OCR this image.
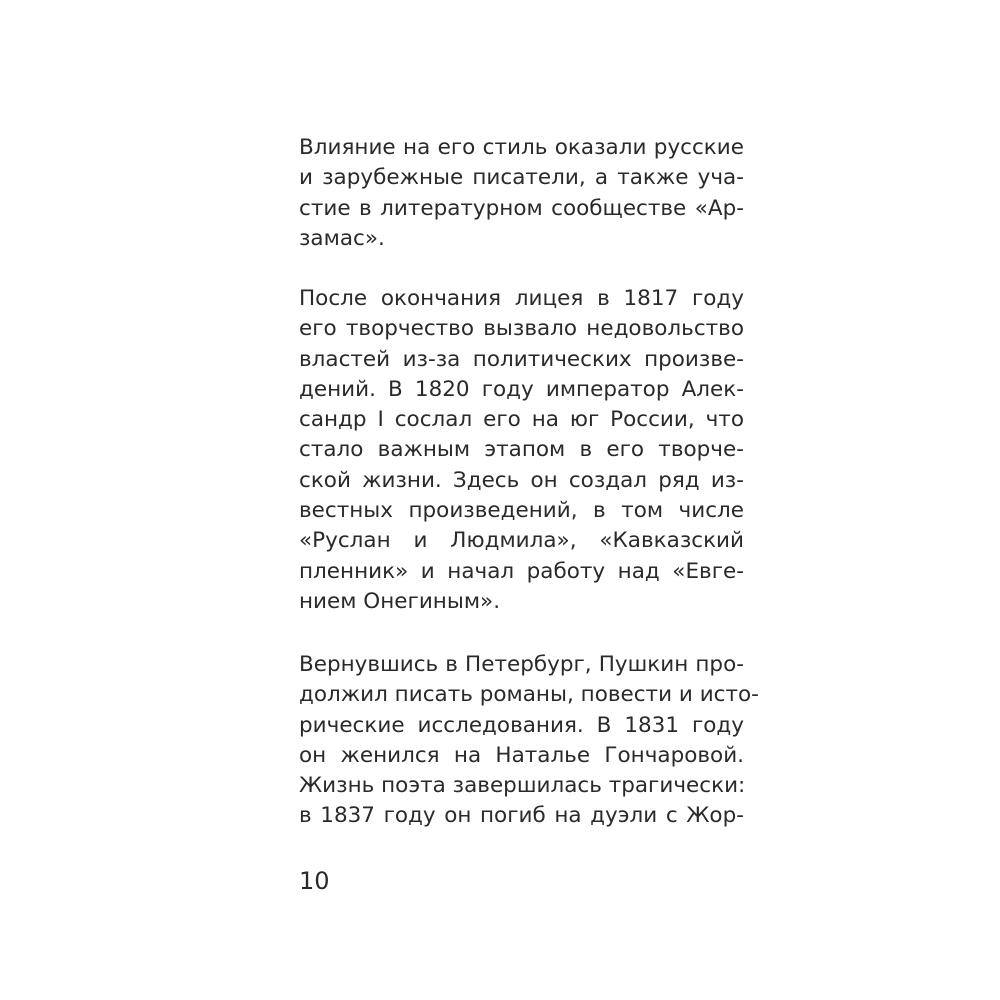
Влияние на его стиль оказали русские
и зарубежные писатели, а также уча-
стие в литературном сообществе «Ар-
замас».
После окончания лицея в 1817 году
его творчество вызвало недовольство
властей из-за политических произве-
дений. В 1820 году император Алек-
сандр I сослал его на юг России, что
стало важным этапом в его творче-
ской жизни. Здесь он создал ряд из-
вестных произведений, в том числе
«Руслан и Людмила», «Кавказский
пленник» и начал работу над «Евге-
нием Онегиным».
Вернувшись в Петербург, Пушкин про-
должил писать романы, повести и исто-
рические исследования. В 1831 году
он женился на Наталье Гончаровой.
Жизнь поэта завершилась трагически:
в 1837 году он погиб на дуэли с Жор-
10
